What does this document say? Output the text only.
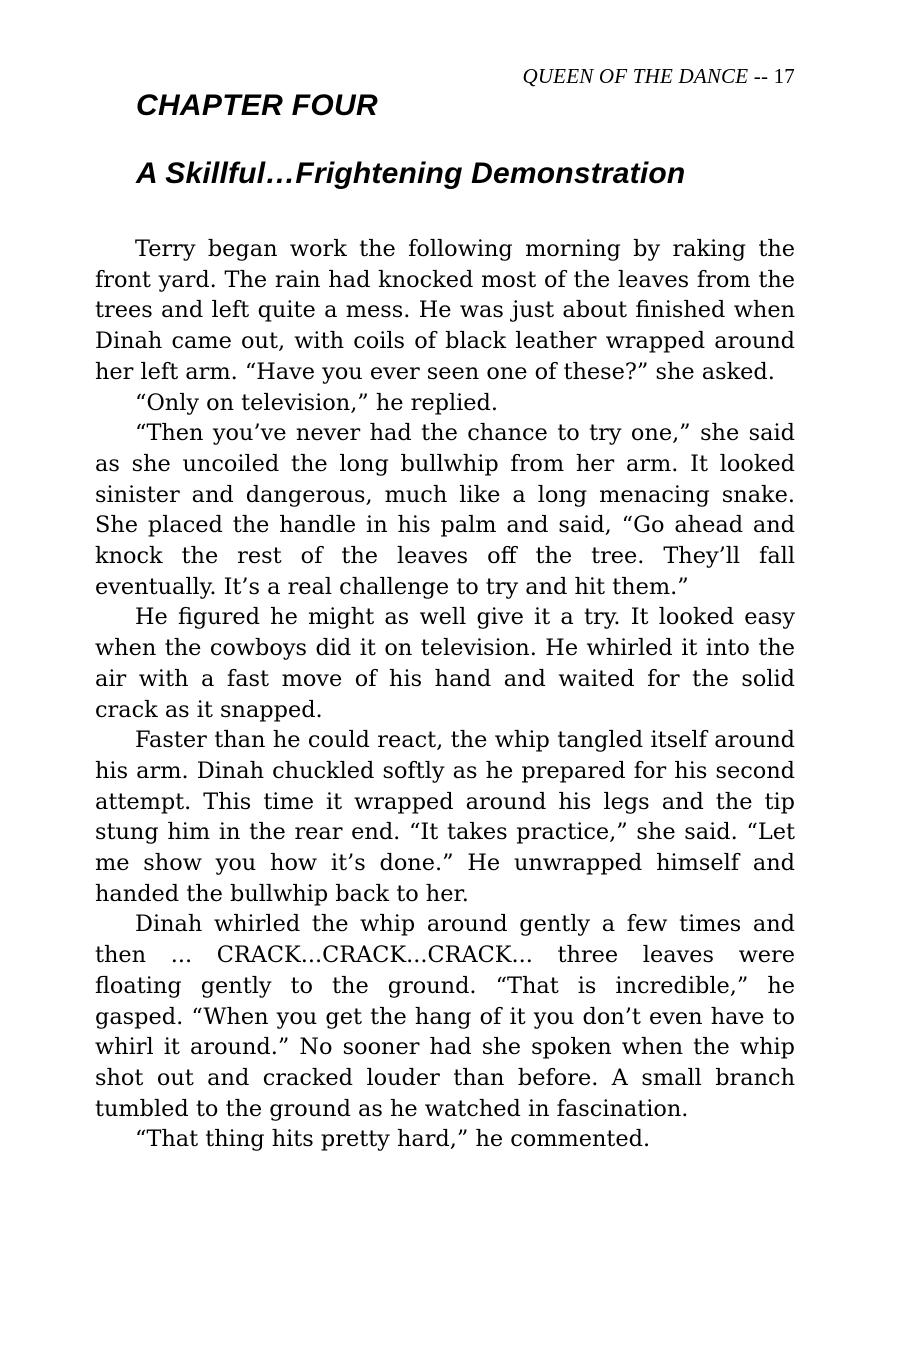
QUEEN OF THE DANCE -- 17
CHAPTER FOUR
A Skillful…Frightening Demonstration

Terry began work the following morning by raking the front yard. The rain had knocked most of the leaves from the trees and left quite a mess. He was just about finished when Dinah came out, with coils of black leather wrapped around her left arm. “Have you ever seen one of these?” she asked.

“Only on television,” he replied.

“Then you’ve never had the chance to try one,” she said as she uncoiled the long bullwhip from her arm. It looked sinister and dangerous, much like a long menacing snake. She placed the handle in his palm and said, “Go ahead and knock the rest of the leaves off the tree. They’ll fall eventually. It’s a real challenge to try and hit them.”

He figured he might as well give it a try. It looked easy when the cowboys did it on television. He whirled it into the air with a fast move of his hand and waited for the solid crack as it snapped.

Faster than he could react, the whip tangled itself around his arm. Dinah chuckled softly as he prepared for his second attempt. This time it wrapped around his legs and the tip stung him in the rear end. “It takes practice,” she said. “Let me show you how it’s done.” He unwrapped himself and handed the bullwhip back to her.

Dinah whirled the whip around gently a few times and then ... CRACK...CRACK...CRACK... three leaves were floating gently to the ground. “That is incredible,” he gasped. “When you get the hang of it you don’t even have to whirl it around.” No sooner had she spoken when the whip shot out and cracked louder than before. A small branch tumbled to the ground as he watched in fascination.

“That thing hits pretty hard,” he commented.
